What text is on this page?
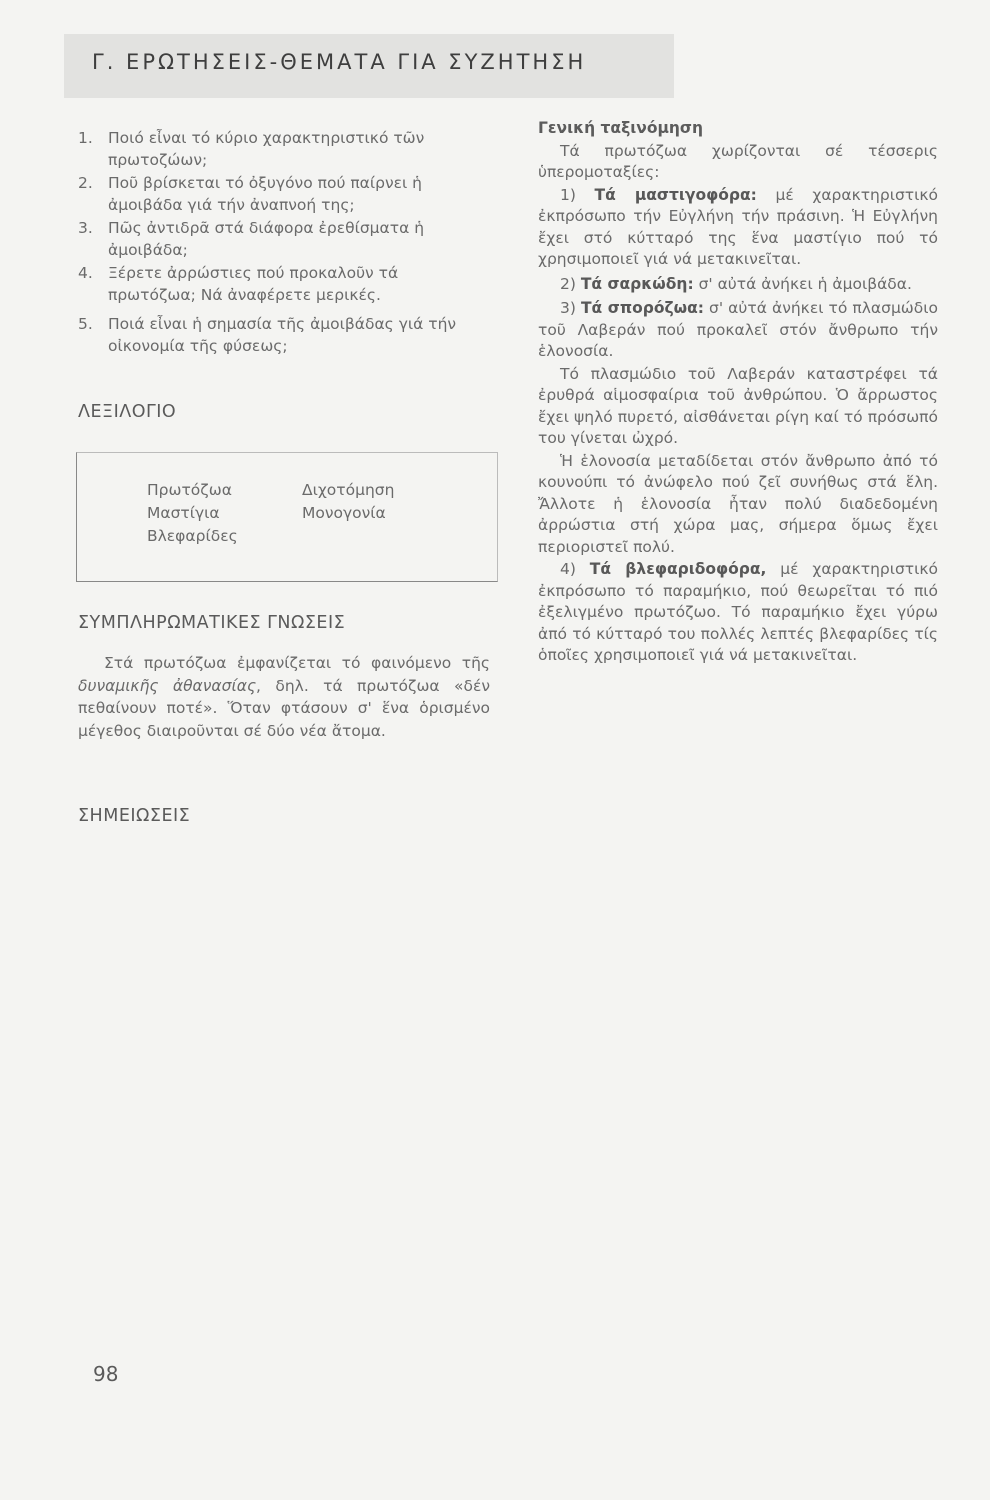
Γ. ΕΡΩΤΗΣΕΙΣ-ΘΕΜΑΤΑ ΓΙΑ ΣΥΖΗΤΗΣΗ
1. Ποιό εἶναι τό κύριο χαρακτηριστικό τῶν πρωτοζώων;
2. Ποῦ βρίσκεται τό ὀξυγόνο πού παίρνει ἡ ἀμοιβάδα γιά τήν ἀναπνοή της;
3. Πῶς ἀντιδρᾶ στά διάφορα ἐρεθίσματα ἡ ἀμοιβάδα;
4. Ξέρετε ἀρρώστιες πού προκαλοῦν τά πρωτόζωα; Νά ἀναφέρετε μερικές.
5. Ποιά εἶναι ἡ σημασία τῆς ἀμοιβάδας γιά τήν οἰκονομία τῆς φύσεως;
ΛΕΞΙΛΟΓΙΟ
Πρωτόζωα
Μαστίγια
Βλεφαρίδες
Διχοτόμηση
Μονογονία
ΣΥΜΠΛΗΡΩΜΑΤΙΚΕΣ ΓΝΩΣΕΙΣ
Στά πρωτόζωα ἐμφανίζεται τό φαινόμενο τῆς δυναμικῆς ἀθανασίας, δηλ. τά πρωτόζωα «δέν πεθαίνουν ποτέ». Ὅταν φτάσουν σ' ἕνα ὁρισμένο μέγεθος διαιροῦνται σέ δύο νέα ἄτομα.
ΣΗΜΕΙΩΣΕΙΣ

Γενική ταξινόμηση

Τά πρωτόζωα χωρίζονται σέ τέσσερις ὑπερομοταξίες:

1) Τά μαστιγοφόρα: μέ χαρακτηριστικό ἐκπρόσωπο τήν Εὐγλήνη τήν πράσινη. Ἡ Εὐγλήνη ἔχει στό κύτταρό της ἕνα μαστίγιο πού τό χρησιμοποιεῖ γιά νά μετακινεῖται.

2) Τά σαρκώδη: σ' αὐτά ἀνήκει ἡ ἀμοιβάδα.

3) Τά σπορόζωα: σ' αὐτά ἀνήκει τό πλασμώδιο τοῦ Λαβεράν πού προκαλεῖ στόν ἄνθρωπο τήν ἑλονοσία.

Τό πλασμώδιο τοῦ Λαβεράν καταστρέφει τά ἐρυθρά αἱμοσφαίρια τοῦ ἀνθρώπου. Ὁ ἄρρωστος ἔχει ψηλό πυρετό, αἰσθάνεται ρίγη καί τό πρόσωπό του γίνεται ὠχρό.

Ἡ ἑλονοσία μεταδίδεται στόν ἄνθρωπο ἀπό τό κουνούπι τό ἀνώφελο πού ζεῖ συνήθως στά ἕλη. Ἄλλοτε ἡ ἑλονοσία ἦταν πολύ διαδεδομένη ἀρρώστια στή χώρα μας, σήμερα ὅμως ἔχει περιοριστεῖ πολύ.

4) Τά βλεφαριδοφόρα, μέ χαρακτηριστικό ἐκπρόσωπο τό παραμήκιο, πού θεωρεῖται τό πιό ἐξελιγμένο πρωτόζωο. Τό παραμήκιο ἔχει γύρω ἀπό τό κύτταρό του πολλές λεπτές βλεφαρίδες τίς ὁποῖες χρησιμοποιεῖ γιά νά μετακινεῖται.

98
